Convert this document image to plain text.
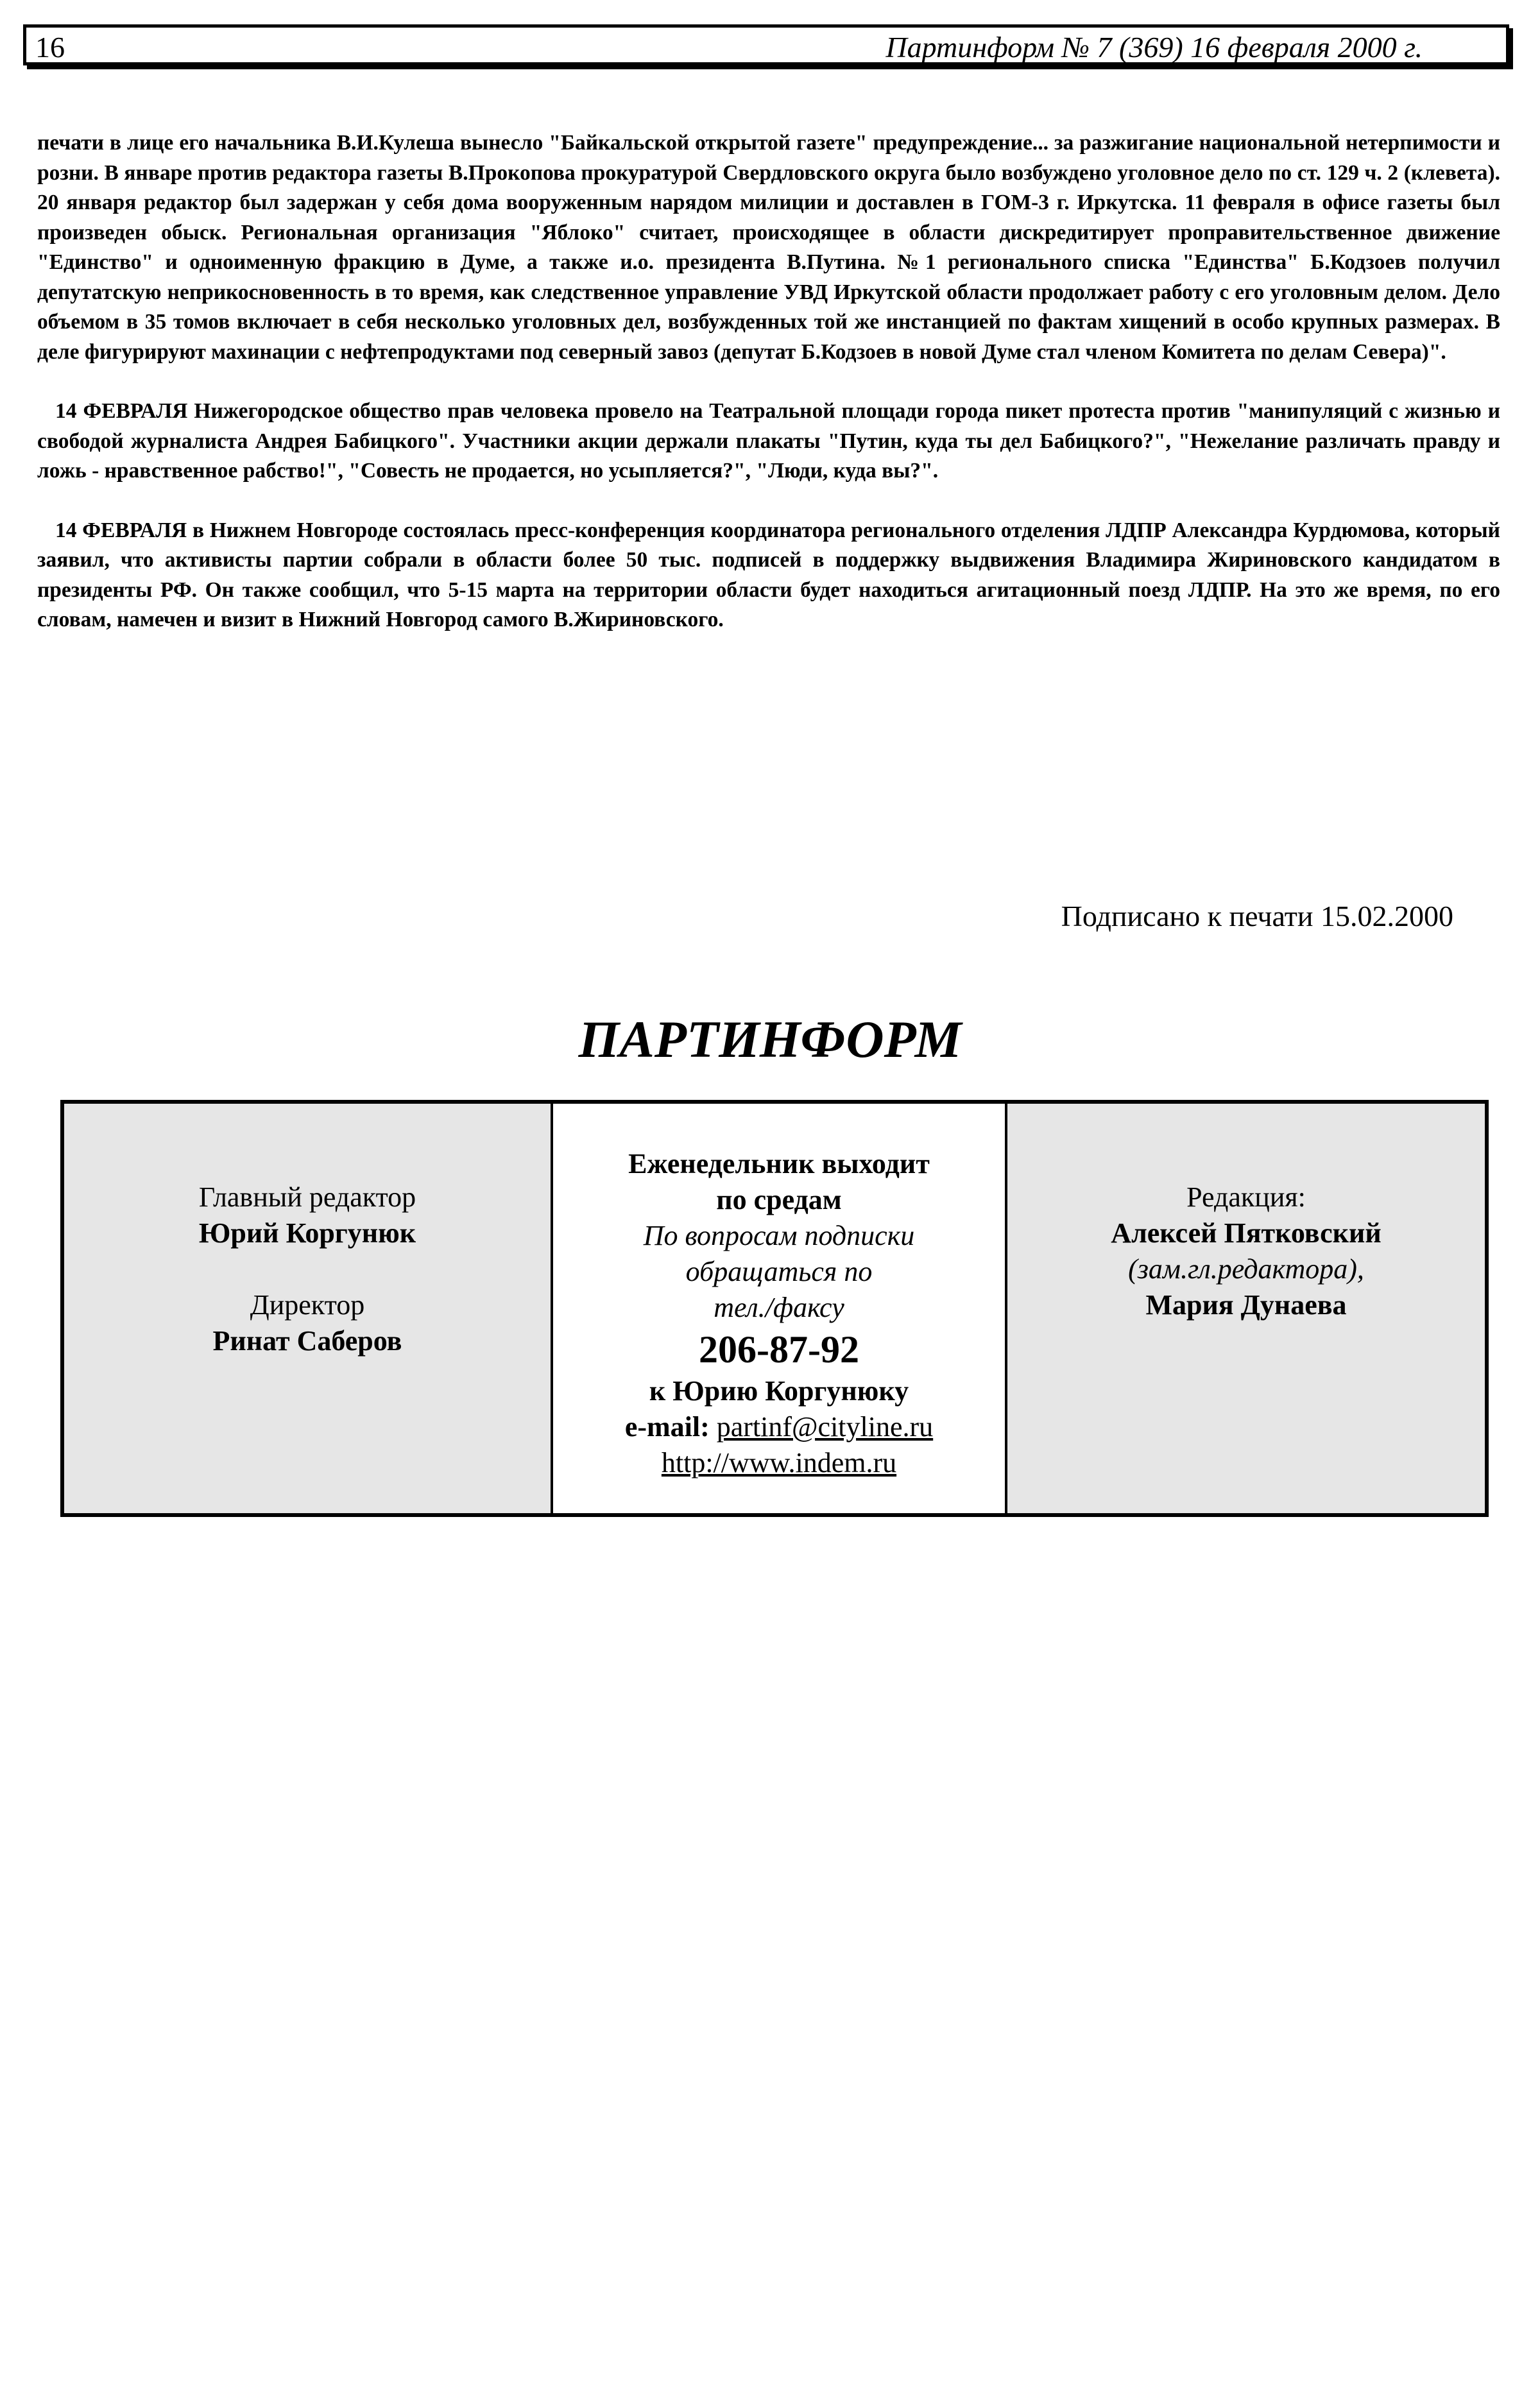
16	Партинформ № 7 (369) 16 февраля 2000 г.

печати в лице его начальника В.И.Кулеша вынесло "Байкальской открытой газете" предупреждение... за разжигание национальной нетерпимости и розни. В январе против редактора газеты В.Прокопова прокуратурой Свердловского округа было возбуждено уголовное дело по ст. 129 ч. 2 (клевета). 20 января редактор был задержан у себя дома вооруженным нарядом милиции и доставлен в ГОМ-3 г. Иркутска. 11 февраля в офисе газеты был произведен обыск. Региональная организация "Яблоко" считает, происходящее в области дискредитирует проправительственное движение "Единство" и одноименную фракцию в Думе, а также и.о. президента В.Путина. №1 регионального списка "Единства" Б.Кодзоев получил депутатскую неприкосновенность в то время, как следственное управление УВД Иркутской области продолжает работу с его уголовным делом. Дело объемом в 35 томов включает в себя несколько уголовных дел, возбужденных той же инстанцией по фактам хищений в особо крупных размерах. В деле фигурируют махинации с нефтепродуктами под северный завоз (депутат Б.Кодзоев в новой Думе стал членом Комитета по делам Севера)".

14 ФЕВРАЛЯ Нижегородское общество прав человека провело на Театральной площади города пикет протеста против "манипуляций с жизнью и свободой журналиста Андрея Бабицкого". Участники акции держали плакаты "Путин, куда ты дел Бабицкого?", "Нежелание различать правду и ложь - нравственное рабство!", "Совесть не продается, но усыпляется?", "Люди, куда вы?".

14 ФЕВРАЛЯ в Нижнем Новгороде состоялась пресс-конференция координатора регионального отделения ЛДПР Александра Курдюмова, который заявил, что активисты партии собрали в области более 50 тыс. подписей в поддержку выдвижения Владимира Жириновского кандидатом в президенты РФ. Он также сообщил, что 5-15 марта на территории области будет находиться агитационный поезд ЛДПР. На это же время, по его словам, намечен и визит в Нижний Новгород самого В.Жириновского.

Подписано к печати 15.02.2000
ПАРТИНФОРМ
Главный редактор
Юрий Коргунюк
Директор
Ринат Саберов
Еженедельник выходит
по средам
По вопросам подписки
обращаться по
тел./факсу
206-87-92
к Юрию Коргунюку
e-mail: partinf@cityline.ru
http://www.indem.ru
Редакция:
Алексей Пятковский
(зам.гл.редактора),
Мария Дунаева
